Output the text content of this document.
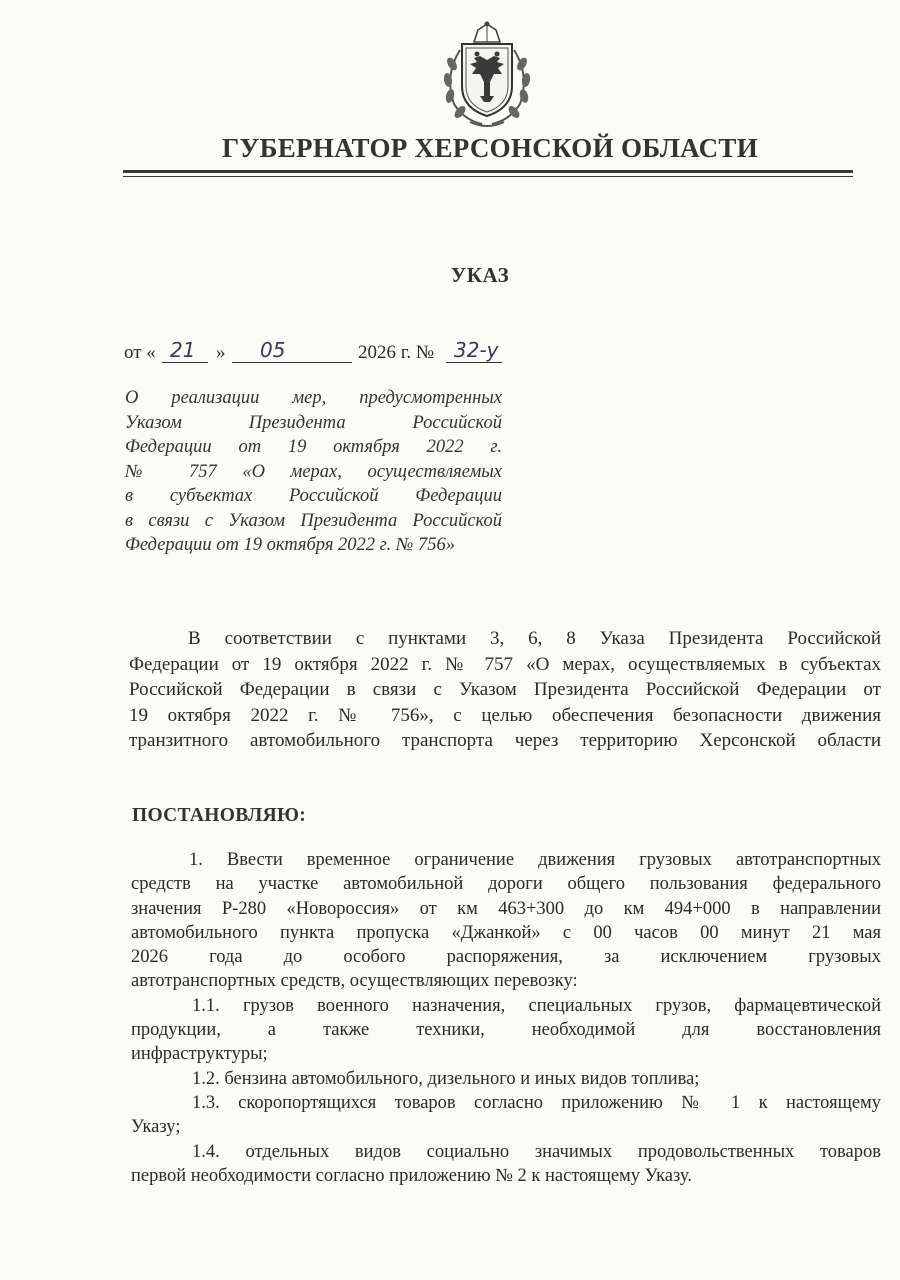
ГУБЕРНАТОР ХЕРСОНСКОЙ ОБЛАСТИ
УКАЗ
от « 21 » 05	2026 г. № 32-у
О реализации мер, предусмотренных
Указом Президента Российской
Федерации от 19 октября 2022 г.
№ 757 «О мерах, осуществляемых
в субъектах Российской Федерации
в связи с Указом Президента Российской
Федерации от 19 октября 2022 г. № 756»
В соответствии с пунктами 3, 6, 8 Указа Президента Российской
Федерации от 19 октября 2022 г. № 757 «О мерах, осуществляемых в субъектах
Российской Федерации в связи с Указом Президента Российской Федерации от
19 октября 2022 г. № 756», с целью обеспечения безопасности движения
транзитного автомобильного транспорта через территорию Херсонской области
ПОСТАНОВЛЯЮ:
1. Ввести временное ограничение движения грузовых автотранспортных
средств на участке автомобильной дороги общего пользования федерального
значения Р-280 «Новороссия» от км 463+300 до км 494+000 в направлении
автомобильного пункта пропуска «Джанкой» с 00 часов 00 минут 21 мая
2026 года до особого распоряжения, за исключением грузовых
автотранспортных средств, осуществляющих перевозку:
1.1. грузов военного назначения, специальных грузов, фармацевтической
продукции, а также техники, необходимой для восстановления
инфраструктуры;
1.2. бензина автомобильного, дизельного и иных видов топлива;
1.3. скоропортящихся товаров согласно приложению № 1 к настоящему
Указу;
1.4. отдельных видов социально значимых продовольственных товаров
первой необходимости согласно приложению № 2 к настоящему Указу.
